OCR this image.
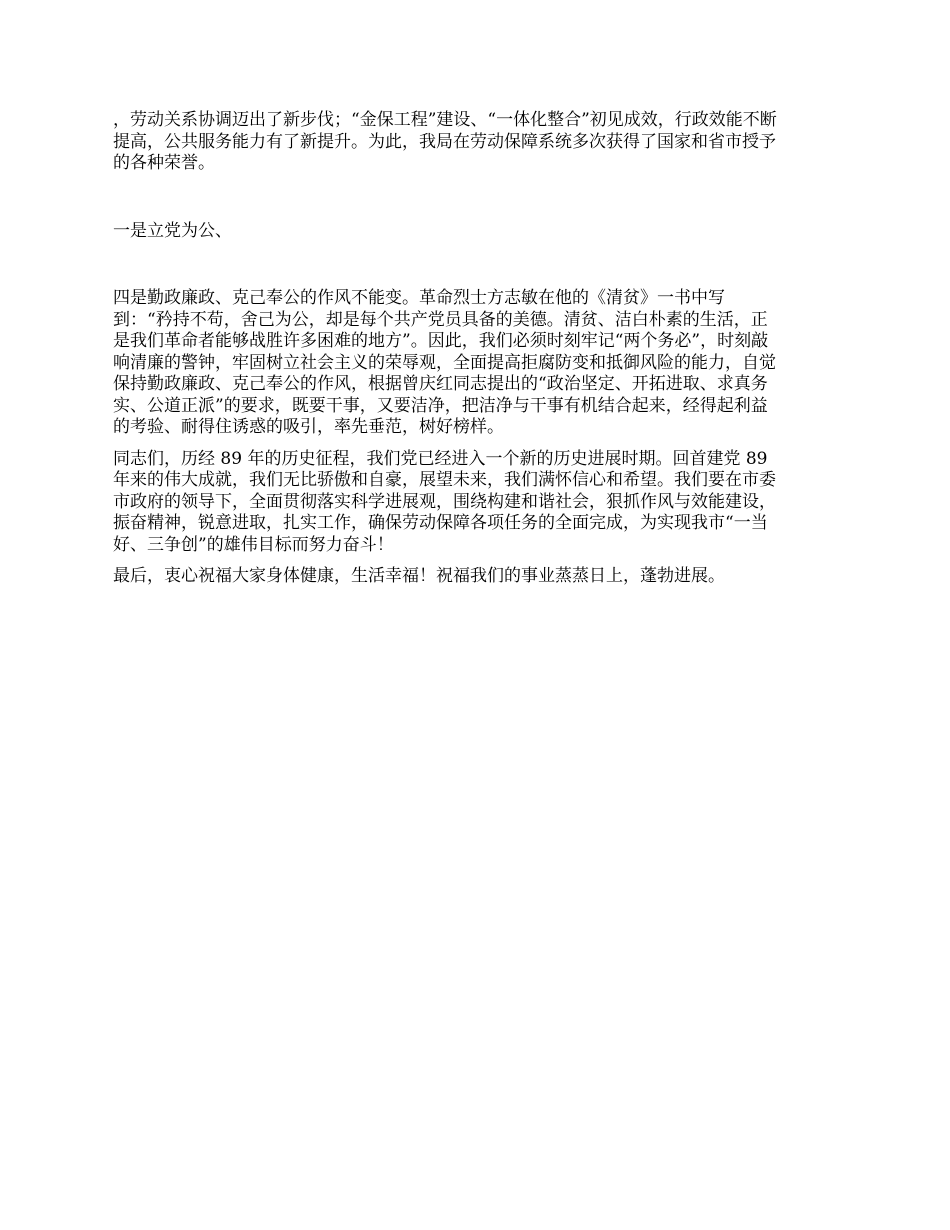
，劳动关系协调迈出了新步伐；“金保工程”建设、“一体化整合”初见成效，行政效能不断
提高，公共服务能力有了新提升。为此，我局在劳动保障系统多次获得了国家和省市授予
的各种荣誉。

一是立党为公、

四是勤政廉政、克己奉公的作风不能变。革命烈士方志敏在他的《清贫》一书中写
到：“矜持不苟，舍己为公，却是每个共产党员具备的美德。清贫、洁白朴素的生活，正
是我们革命者能够战胜许多困难的地方”。因此，我们必须时刻牢记“两个务必”，时刻敲
响清廉的警钟，牢固树立社会主义的荣辱观，全面提高拒腐防变和抵御风险的能力，自觉
保持勤政廉政、克己奉公的作风，根据曾庆红同志提出的“政治坚定、开拓进取、求真务
实、公道正派”的要求，既要干事，又要洁净，把洁净与干事有机结合起来，经得起利益
的考验、耐得住诱惑的吸引，率先垂范，树好榜样。

同志们，历经 89 年的历史征程，我们党已经进入一个新的历史进展时期。回首建党 89
年来的伟大成就，我们无比骄傲和自豪，展望未来，我们满怀信心和希望。我们要在市委
市政府的领导下，全面贯彻落实科学进展观，围绕构建和谐社会，狠抓作风与效能建设，
振奋精神，锐意进取，扎实工作，确保劳动保障各项任务的全面完成，为实现我市“一当
好、三争创”的雄伟目标而努力奋斗！

最后，衷心祝福大家身体健康，生活幸福！祝福我们的事业蒸蒸日上，蓬勃进展。
